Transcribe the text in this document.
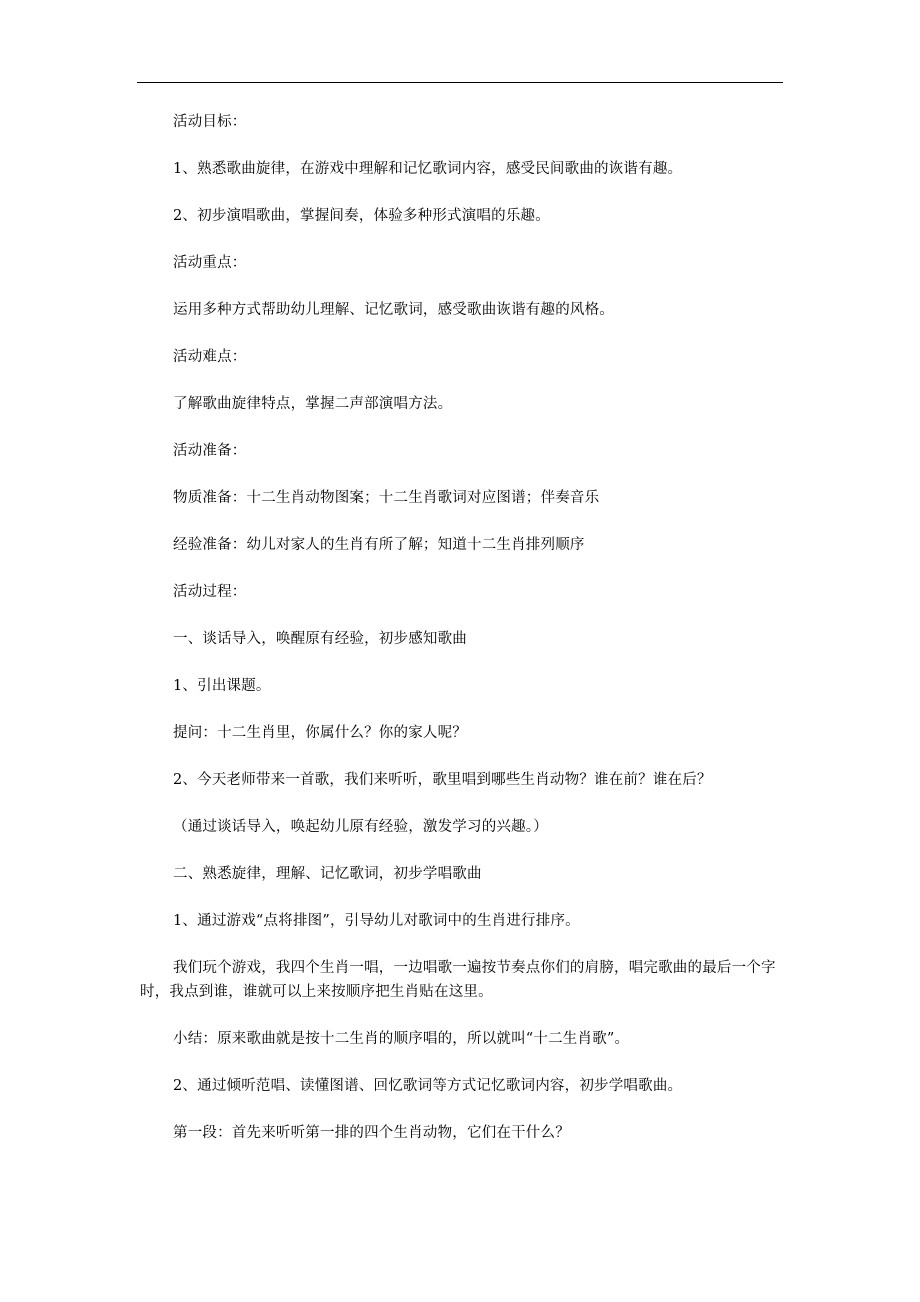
活动目标：

1、熟悉歌曲旋律，在游戏中理解和记忆歌词内容，感受民间歌曲的诙谐有趣。

2、初步演唱歌曲，掌握间奏，体验多种形式演唱的乐趣。

活动重点：

运用多种方式帮助幼儿理解、记忆歌词，感受歌曲诙谐有趣的风格。

活动难点：

了解歌曲旋律特点，掌握二声部演唱方法。

活动准备：

物质准备：十二生肖动物图案；十二生肖歌词对应图谱；伴奏音乐

经验准备：幼儿对家人的生肖有所了解；知道十二生肖排列顺序

活动过程：

一、谈话导入，唤醒原有经验，初步感知歌曲

1、引出课题。

提问：十二生肖里，你属什么？你的家人呢？

2、今天老师带来一首歌，我们来听听，歌里唱到哪些生肖动物？谁在前？谁在后？

（通过谈话导入，唤起幼儿原有经验，激发学习的兴趣。）

二、熟悉旋律，理解、记忆歌词，初步学唱歌曲

1、通过游戏“点将排图”，引导幼儿对歌词中的生肖进行排序。

我们玩个游戏，我四个生肖一唱，一边唱歌一遍按节奏点你们的肩膀，唱完歌曲的最后一个字时，我点到谁，谁就可以上来按顺序把生肖贴在这里。

小结：原来歌曲就是按十二生肖的顺序唱的，所以就叫“十二生肖歌”。

2、通过倾听范唱、读懂图谱、回忆歌词等方式记忆歌词内容，初步学唱歌曲。

第一段：首先来听听第一排的四个生肖动物，它们在干什么？
